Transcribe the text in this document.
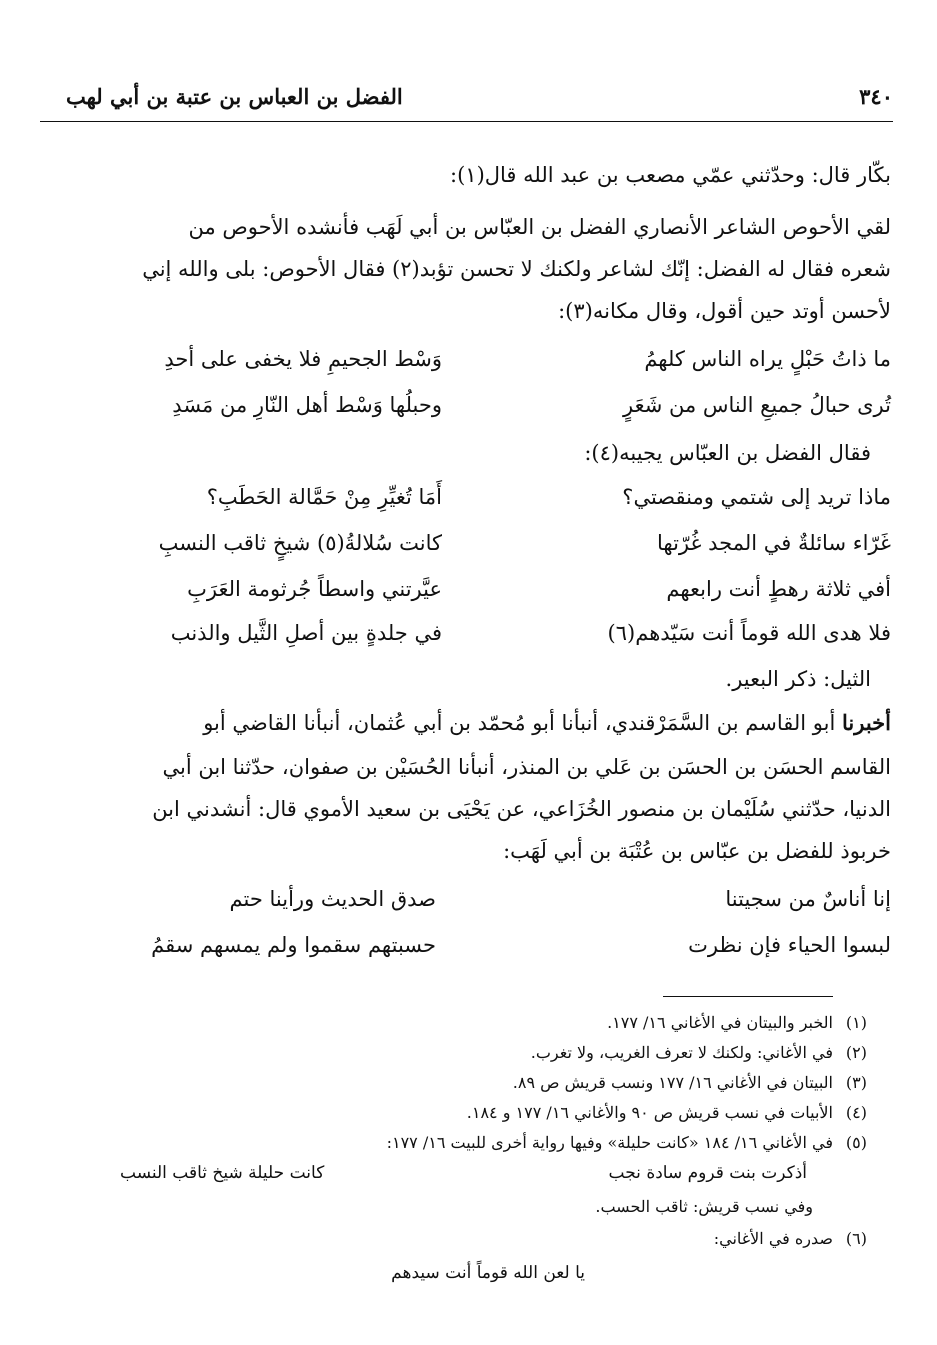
٣٤٠
الفضل بن العباس بن عتبة بن أبي لهب
بكّار قال: وحدّثني عمّي مصعب بن عبد الله قال(١):
لقي الأحوص الشاعر الأنصاري الفضل بن العبّاس بن أبي لَهَب فأنشده الأحوص من
شعره فقال له الفضل: إنّك لشاعر ولكنك لا تحسن تؤبد(٢) فقال الأحوص: بلى والله إني
لأحسن أوتد حين أقول، وقال مكانه(٣):
ما ذاتُ حَبْلٍ يراه الناس كلهمُ
وَسْط الجحيمِ فلا يخفى على أحدِ
تُرى حبالُ جميعِ الناس من شَعَرٍ
وحبلُها وَسْط أهل النّارِ من مَسَدِ
فقال الفضل بن العبّاس يجيبه(٤):
ماذا تريد إلى شتمي ومنقصتي؟
أَمَا تُغيِّرِ مِنْ حَمَّالة الحَطَبِ؟
غَرّاء سائلةٌ في المجد غُرّتها
كانت سُلالةُ(٥) شيخٍ ثاقب النسبِ
أفي ثلاثة رهطٍ أنت رابعهم
عيَّرتني واسطاً جُرثومة العَرَبِ
فلا هدى الله قوماً أنت سَيّدهم(٦)
في جلدةٍ بين أصلِ الثَّيل والذنب
الثيل: ذكر البعير.
أخبرنا أبو القاسم بن السَّمَرْقندي، أنبأنا أبو مُحمّد بن أبي عُثمان، أنبأنا القاضي أبو
القاسم الحسَن بن الحسَن بن عَلي بن المنذر، أنبأنا الحُسَيْن بن صفوان، حدّثنا ابن أبي
الدنيا، حدّثني سُلَيْمان بن منصور الخُزَاعي، عن يَحْيَى بن سعيد الأموي قال: أنشدني ابن
خربوذ للفضل بن عبّاس بن عُتْبَة بن أبي لَهَب:
إنا أناسٌ من سجيتنا
صدق الحديث ورأينا حتم
لبسوا الحياء فإن نظرت
حسبتهم سقموا ولم يمسهم سقمُ
(١)
الخبر والبيتان في الأغاني ١٦/ ١٧٧.
(٢)
في الأغاني: ولكنك لا تعرف الغريب، ولا تغرب.
(٣)
البيتان في الأغاني ١٦/ ١٧٧ ونسب قريش ص ٨٩.
(٤)
الأبيات في نسب قريش ص ٩٠ والأغاني ١٦/ ١٧٧ و ١٨٤.
(٥)
في الأغاني ١٦/ ١٨٤ «كانت حليلة» وفيها رواية أخرى للبيت ١٦/ ١٧٧:
أذكرت بنت قروم سادة نجب
كانت حليلة شيخ ثاقب النسب
وفي نسب قريش: ثاقب الحسب.
(٦)
صدره في الأغاني:
يا لعن الله قوماً أنت سيدهم
